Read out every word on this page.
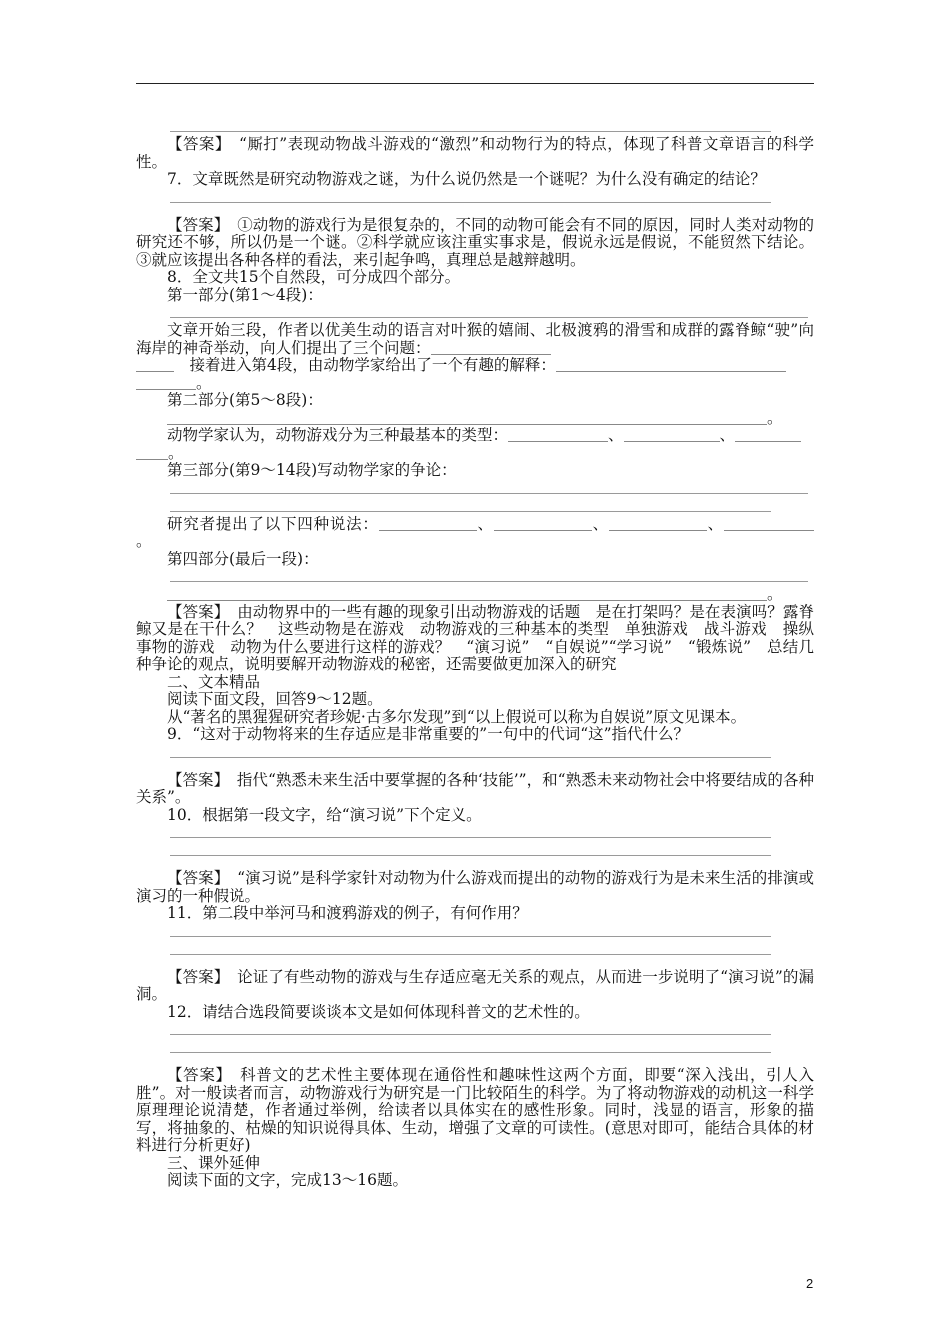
【答案】　 “厮打”表现动物战斗游戏的“激烈”和动物行为的特点，体现了科普文章语言的科学性。

7．文章既然是研究动物游戏之谜，为什么说仍然是一个谜呢？为什么没有确定的结论？

【答案】　 ①动物的游戏行为是很复杂的，不同的动物可能会有不同的原因，同时人类对动物的研究还不够，所以仍是一个谜。②科学就应该注重实事求是，假说永远是假说，不能贸然下结论。③就应该提出各种各样的看法，来引起争鸣，真理总是越辩越明。

8．全文共15个自然段，可分成四个部分。

第一部分(第1～4段)：

文章开始三段，作者以优美生动的语言对叶猴的嬉闹、北极渡鸦的滑雪和成群的露脊鲸“驶”向海岸的神奇举动，向人们提出了三个问题：

　接着进入第4段，由动物学家给出了一个有趣的解释：

。

第二部分(第5～8段)：

。

动物学家认为，动物游戏分为三种最基本的类型：	、	、

。

第三部分(第9～14段)写动物学家的争论：

研究者提出了以下四种说法：	、	、	、。

第四部分(最后一段)：

。

【答案】　 由动物界中的一些有趣的现象引出动物游戏的话题　是在打架吗？是在表演吗？露脊鲸又是在干什么？　这些动物是在游戏　动物游戏的三种基本的类型　单独游戏　战斗游戏　操纵事物的游戏　动物为什么要进行这样的游戏？　“演习说”　“自娱说”“学习说”　“锻炼说”　总结几种争论的观点，说明要解开动物游戏的秘密，还需要做更加深入的研究

二、文本精品

阅读下面文段，回答9～12题。

从“著名的黑猩猩研究者珍妮·古多尔发现”到“以上假说可以称为自娱说”原文见课本。

9．“这对于动物将来的生存适应是非常重要的”一句中的代词“这”指代什么？

【答案】　 指代“熟悉未来生活中要掌握的各种‘技能’”，和“熟悉未来动物社会中将要结成的各种关系”。

10．根据第一段文字，给“演习说”下个定义。

【答案】　 “演习说”是科学家针对动物为什么游戏而提出的动物的游戏行为是未来生活的排演或演习的一种假说。

11．第二段中举河马和渡鸦游戏的例子，有何作用？

【答案】　 论证了有些动物的游戏与生存适应毫无关系的观点，从而进一步说明了“演习说”的漏洞。

12．请结合选段简要谈谈本文是如何体现科普文的艺术性的。

【答案】　 科普文的艺术性主要体现在通俗性和趣味性这两个方面，即要“深入浅出，引人入胜”。对一般读者而言，动物游戏行为研究是一门比较陌生的科学。为了将动物游戏的动机这一科学原理理论说清楚，作者通过举例，给读者以具体实在的感性形象。同时，浅显的语言，形象的描写，将抽象的、枯燥的知识说得具体、生动，增强了文章的可读性。(意思对即可，能结合具体的材料进行分析更好)

三、课外延伸

阅读下面的文字，完成13～16题。

2
